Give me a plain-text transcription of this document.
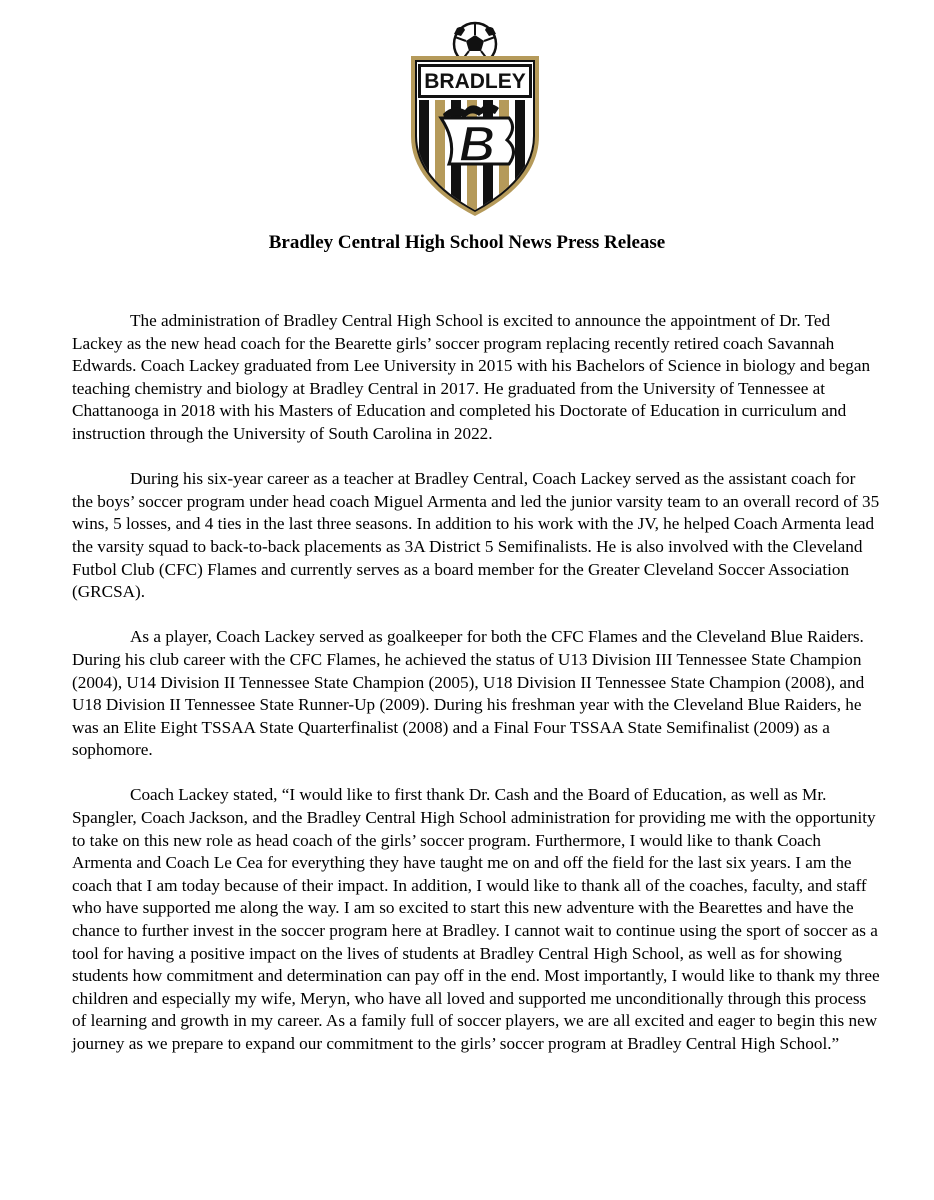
BRADLEY
B
Bradley Central High School News Press Release

The administration of Bradley Central High School is excited to announce the appointment of Dr. Ted Lackey as the new head coach for the Bearette girls’ soccer program replacing recently retired coach Savannah Edwards. Coach Lackey graduated from Lee University in 2015 with his Bachelors of Science in biology and began teaching chemistry and biology at Bradley Central in 2017. He graduated from the University of Tennessee at Chattanooga in 2018 with his Masters of Education and completed his Doctorate of Education in curriculum and instruction through the University of South Carolina in 2022.

During his six-year career as a teacher at Bradley Central, Coach Lackey served as the assistant coach for the boys’ soccer program under head coach Miguel Armenta and led the junior varsity team to an overall record of 35 wins, 5 losses, and 4 ties in the last three seasons. In addition to his work with the JV, he helped Coach Armenta lead the varsity squad to back-to-back placements as 3A District 5 Semifinalists. He is also involved with the Cleveland Futbol Club (CFC) Flames and currently serves as a board member for the Greater Cleveland Soccer Association (GRCSA).

As a player, Coach Lackey served as goalkeeper for both the CFC Flames and the Cleveland Blue Raiders. During his club career with the CFC Flames, he achieved the status of U13 Division III Tennessee State Champion (2004), U14 Division II Tennessee State Champion (2005), U18 Division II Tennessee State Champion (2008), and U18 Division II Tennessee State Runner-Up (2009). During his freshman year with the Cleveland Blue Raiders, he was an Elite Eight TSSAA State Quarterfinalist (2008) and a Final Four TSSAA State Semifinalist (2009) as a sophomore.

Coach Lackey stated, “I would like to first thank Dr. Cash and the Board of Education, as well as Mr. Spangler, Coach Jackson, and the Bradley Central High School administration for providing me with the opportunity to take on this new role as head coach of the girls’ soccer program. Furthermore, I would like to thank Coach Armenta and Coach Le Cea for everything they have taught me on and off the field for the last six years. I am the coach that I am today because of their impact. In addition, I would like to thank all of the coaches, faculty, and staff who have supported me along the way. I am so excited to start this new adventure with the Bearettes and have the chance to further invest in the soccer program here at Bradley. I cannot wait to continue using the sport of soccer as a tool for having a positive impact on the lives of students at Bradley Central High School, as well as for showing students how commitment and determination can pay off in the end. Most importantly, I would like to thank my three children and especially my wife, Meryn, who have all loved and supported me unconditionally through this process of learning and growth in my career. As a family full of soccer players, we are all excited and eager to begin this new journey as we prepare to expand our commitment to the girls’ soccer program at Bradley Central High School.”
